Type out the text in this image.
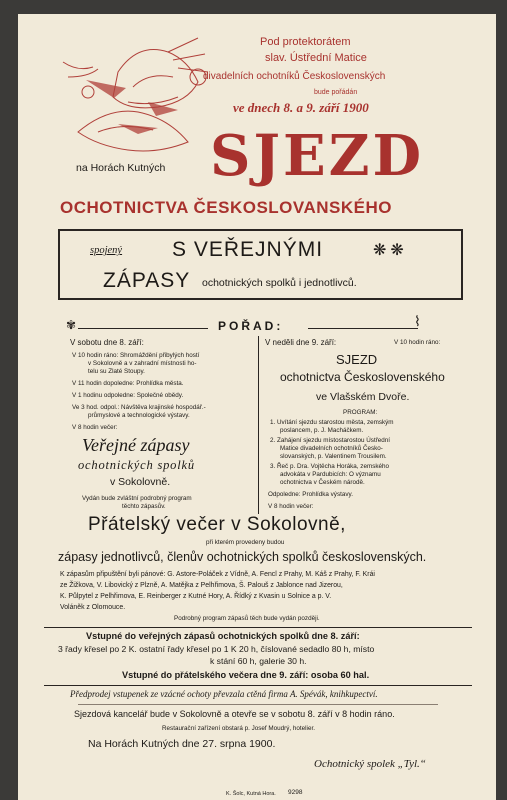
Pod protektorátem
slav. Ústřední Matice
divadelních ochotníků Československých
bude pořádán
ve dnech 8. a 9. září 1900
na Horách Kutných SJEZD
OCHOTNICTVA ČESKOSLOVANSKÉHO
spojený S VEŘEJNÝMI	❋ ❋
ZÁPASY ochotnických spolků i jednotlivců.
✾	POŘAD:	⌇
V sobotu dne 8. září:
V 10 hodin ráno: Shromáždění přibylých hostí
v Sokolovně a v zahradní místnosti ho-
telu su Zlaté Stoupy.
V 11 hodin dopoledne: Prohlídka města.
V 1 hodinu odpoledne: Společné obědy.
Ve 3 hod. odpol.: Návštěva krajinské hospodář.-
průmyslové a technologické výstavy.
V 8 hodin večer:
Veřejné zápasy
ochotnických spolků
v Sokolovně.
Vydán bude zvláštní podrobný program
těchto zápasův.
V neděli dne 9. září:	V 10 hodin ráno:
SJEZD
ochotnictva Československého
ve Vlašském Dvoře.
PROGRAM:
1. Uvítání sjezdu starostou města, zemským
poslancem, p. J. Macháčkem.
2. Zahájení sjezdu místostarostou Ústřední
Matice divadelních ochotníků Česko-
slovanských, p. Valentinem Trousilem.
3. Řeč p. Dra. Vojtěcha Horáka, zemského
advokáta v Pardubicích: O významu
ochotnictva v Českém národě.
Odpoledne: Prohlídka výstavy.
V 8 hodin večer:
Přátelský večer v Sokolovně,
při kterém provedeny budou
zápasy jednotlivců, členův ochotnických spolků československých.
K zápasům připuštění byli pánové: G. Astore-Poláček z Vídně, A. Fencl z Prahy, M. Káš z Prahy, F. Krái
ze Žižkova, V. Libovický z Plzně, A. Matějka z Pelhřimova, Š. Palouš z Jablonce nad Jizerou,
K. Půlpytel z Pelhřimova, E. Reinberger z Kutné Hory, A. Řídký z Kvasin u Solnice a p. V.
Voláněk z Olomouce.
Podrobný program zápasů těch bude vydán později.
Vstupné do veřejných zápasů ochotnických spolků dne 8. září:
3 řady křesel po 2 K. ostatní řady křesel po 1 K 20 h, číslované sedadlo 80 h, místo
k stání 60 h, galerie 30 h.
Vstupné do přátelského večera dne 9. září: osoba 60 hal.
Předprodej vstupenek ze vzácné ochoty převzala ctěná firma A. Spévák, knihkupectví.
Sjezdová kancelář bude v Sokolovně a otevře se v sobotu 8. září v 8 hodin ráno.
Restaurační zařízení obstará p. Josef Moudrý, hotelier.
Na Horách Kutných dne 27. srpna 1900.
Ochotnický spolek „Tyl.“
K. Šolc, Kutná Hora. 9298
